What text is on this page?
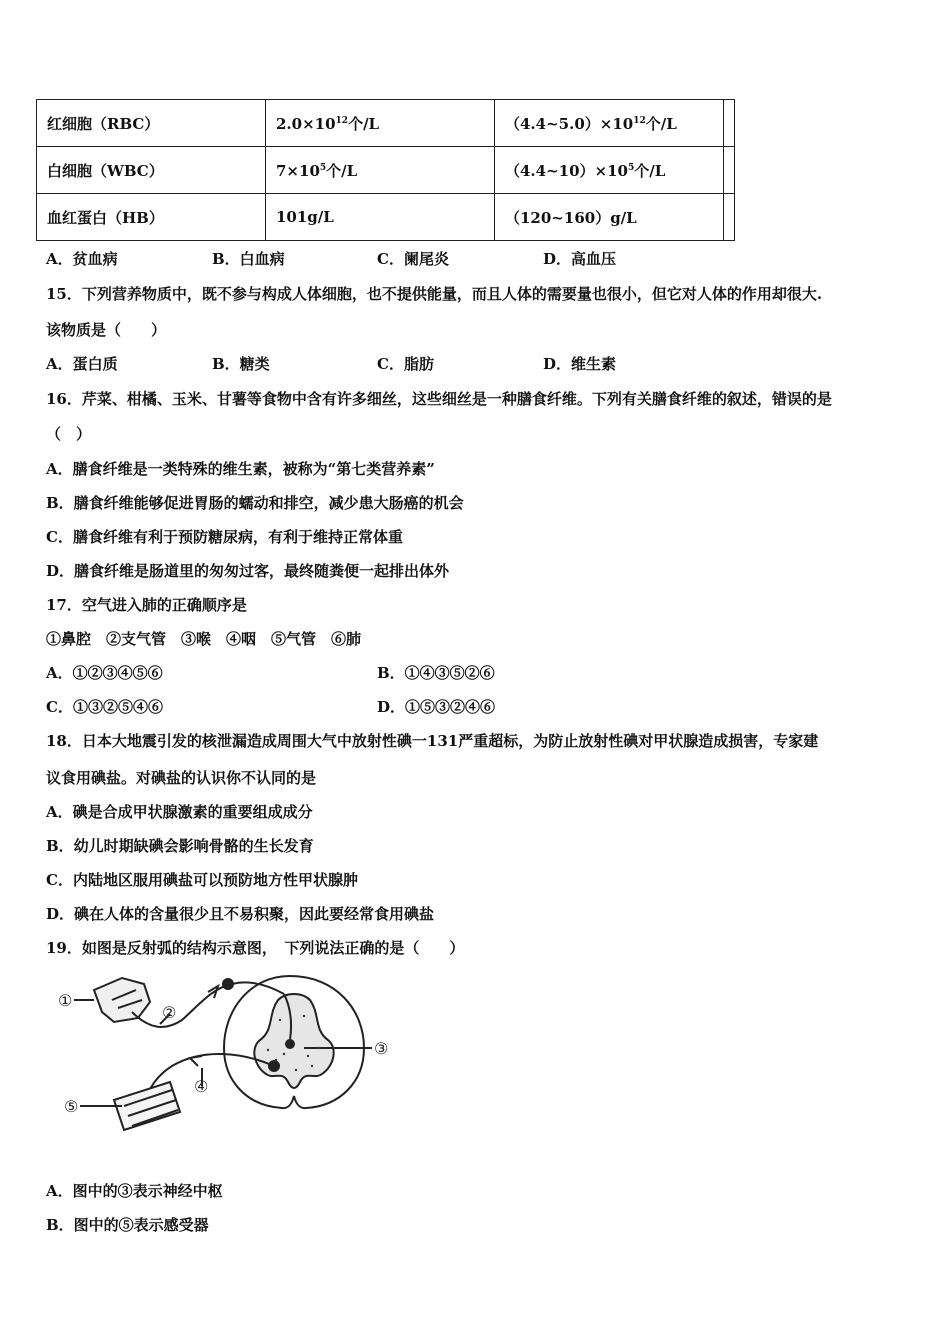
红细胞（RBC）	$2.0\times 10^{12}$个/L	$(4.4\sim 5.0)\times 10^{12}$个/L	
白细胞（WBC）	$7\times 10^5$个/L	$(4.4\sim 10)\times 10^5$个/L	
血红蛋白（HB）	101g/L	（120~160）g/L	
A．贫血病	B．白血病	C．阑尾炎	D．高血压
15．下列营养物质中，既不参与构成人体细胞，也不提供能量，而且人体的需要量也很小，但它对人体的作用却很大.
该物质是（　　）
A．蛋白质	B．糖类	C．脂肪	D．维生素
16．芹菜、柑橘、玉米、甘薯等食物中含有许多细丝，这些细丝是一种膳食纤维。下列有关膳食纤维的叙述，错误的是
（　）
A．膳食纤维是一类特殊的维生素，被称为“第七类营养素”
B．膳食纤维能够促进胃肠的蠕动和排空，减少患大肠癌的机会
C．膳食纤维有利于预防糖尿病，有利于维持正常体重
D．膳食纤维是肠道里的匆匆过客，最终随粪便一起排出体外
17．空气进入肺的正确顺序是
①鼻腔　②支气管　③喉　④咽　⑤气管　⑥肺
A．①②③④⑤⑥	B．①④③⑤②⑥
C．①③②⑤④⑥	D．①⑤③②④⑥
18．日本大地震引发的核泄漏造成周围大气中放射性碘一131严重超标，为防止放射性碘对甲状腺造成损害，专家建
议食用碘盐。对碘盐的认识你不认同的是
A．碘是合成甲状腺激素的重要组成成分
B．幼儿时期缺碘会影响骨骼的生长发育
C．内陆地区服用碘盐可以预防地方性甲状腺肿
D．碘在人体的含量很少且不易积聚，因此要经常食用碘盐
19．如图是反射弧的结构示意图，　下列说法正确的是（　　）
①
②
③
④
⑤
A．图中的③表示神经中枢
B．图中的⑤表示感受器
